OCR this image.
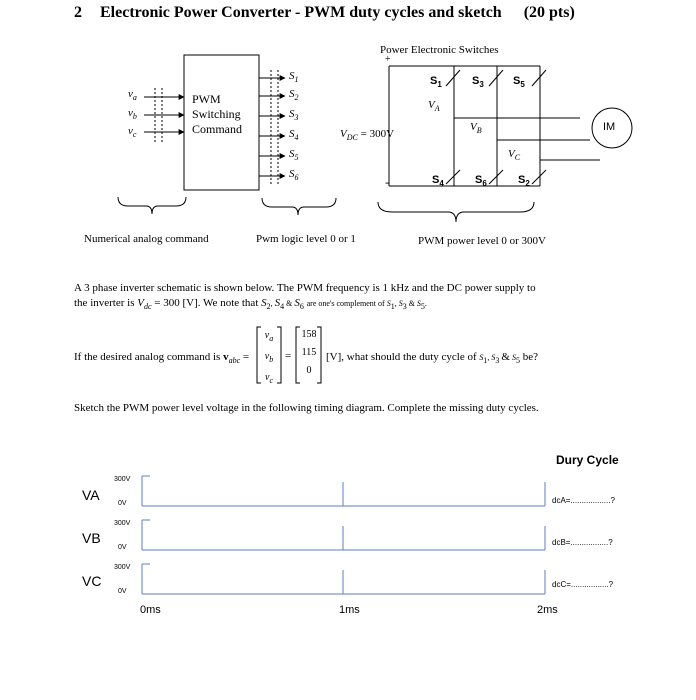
2 Electronic Power Converter - PWM duty cycles and sketch (20 pts)
$v_a$
$v_b$
$v_c$
PWM
Switching
Command
$S_1$
$S_2$
$S_3$
$S_4$
$S_5$
$S_6$
Power Electronic Switches
+
-
$V_{DC} = 300V$
$S_1$	$S_3$	$S_5$
$S_4$	$S_6$	$S_2$
$V_A$
$V_B$
$V_C$
IM
Numerical analog command	Pwm logic level 0 or 1	PWM power level 0 or 300V
A 3 phase inverter schematic is shown below. The PWM frequency is 1 kHz and the DC power supply to
the inverter is $V_{dc} = 300$ [V]. We note that $S_2$, $S_4$ & $S_6$ are one's complement of $S_1$, $S_3$ & $S_5$.
If the desired analog command is $v_{abc}$ =	=
$v_a$
$v_b$
$v_c$
158
115
0
[V], what should the duty cycle of $S_1$, $S_3$ & $S_5$ be?
Sketch the PWM power level voltage in the following timing diagram. Complete the missing duty cycles.
Dury Cycle
VA
300V
0V	dcA=..................?
VB
300V
0V
dcB=.................?
VC
300V
0V
dcC=.................?
0ms	1ms	2ms
